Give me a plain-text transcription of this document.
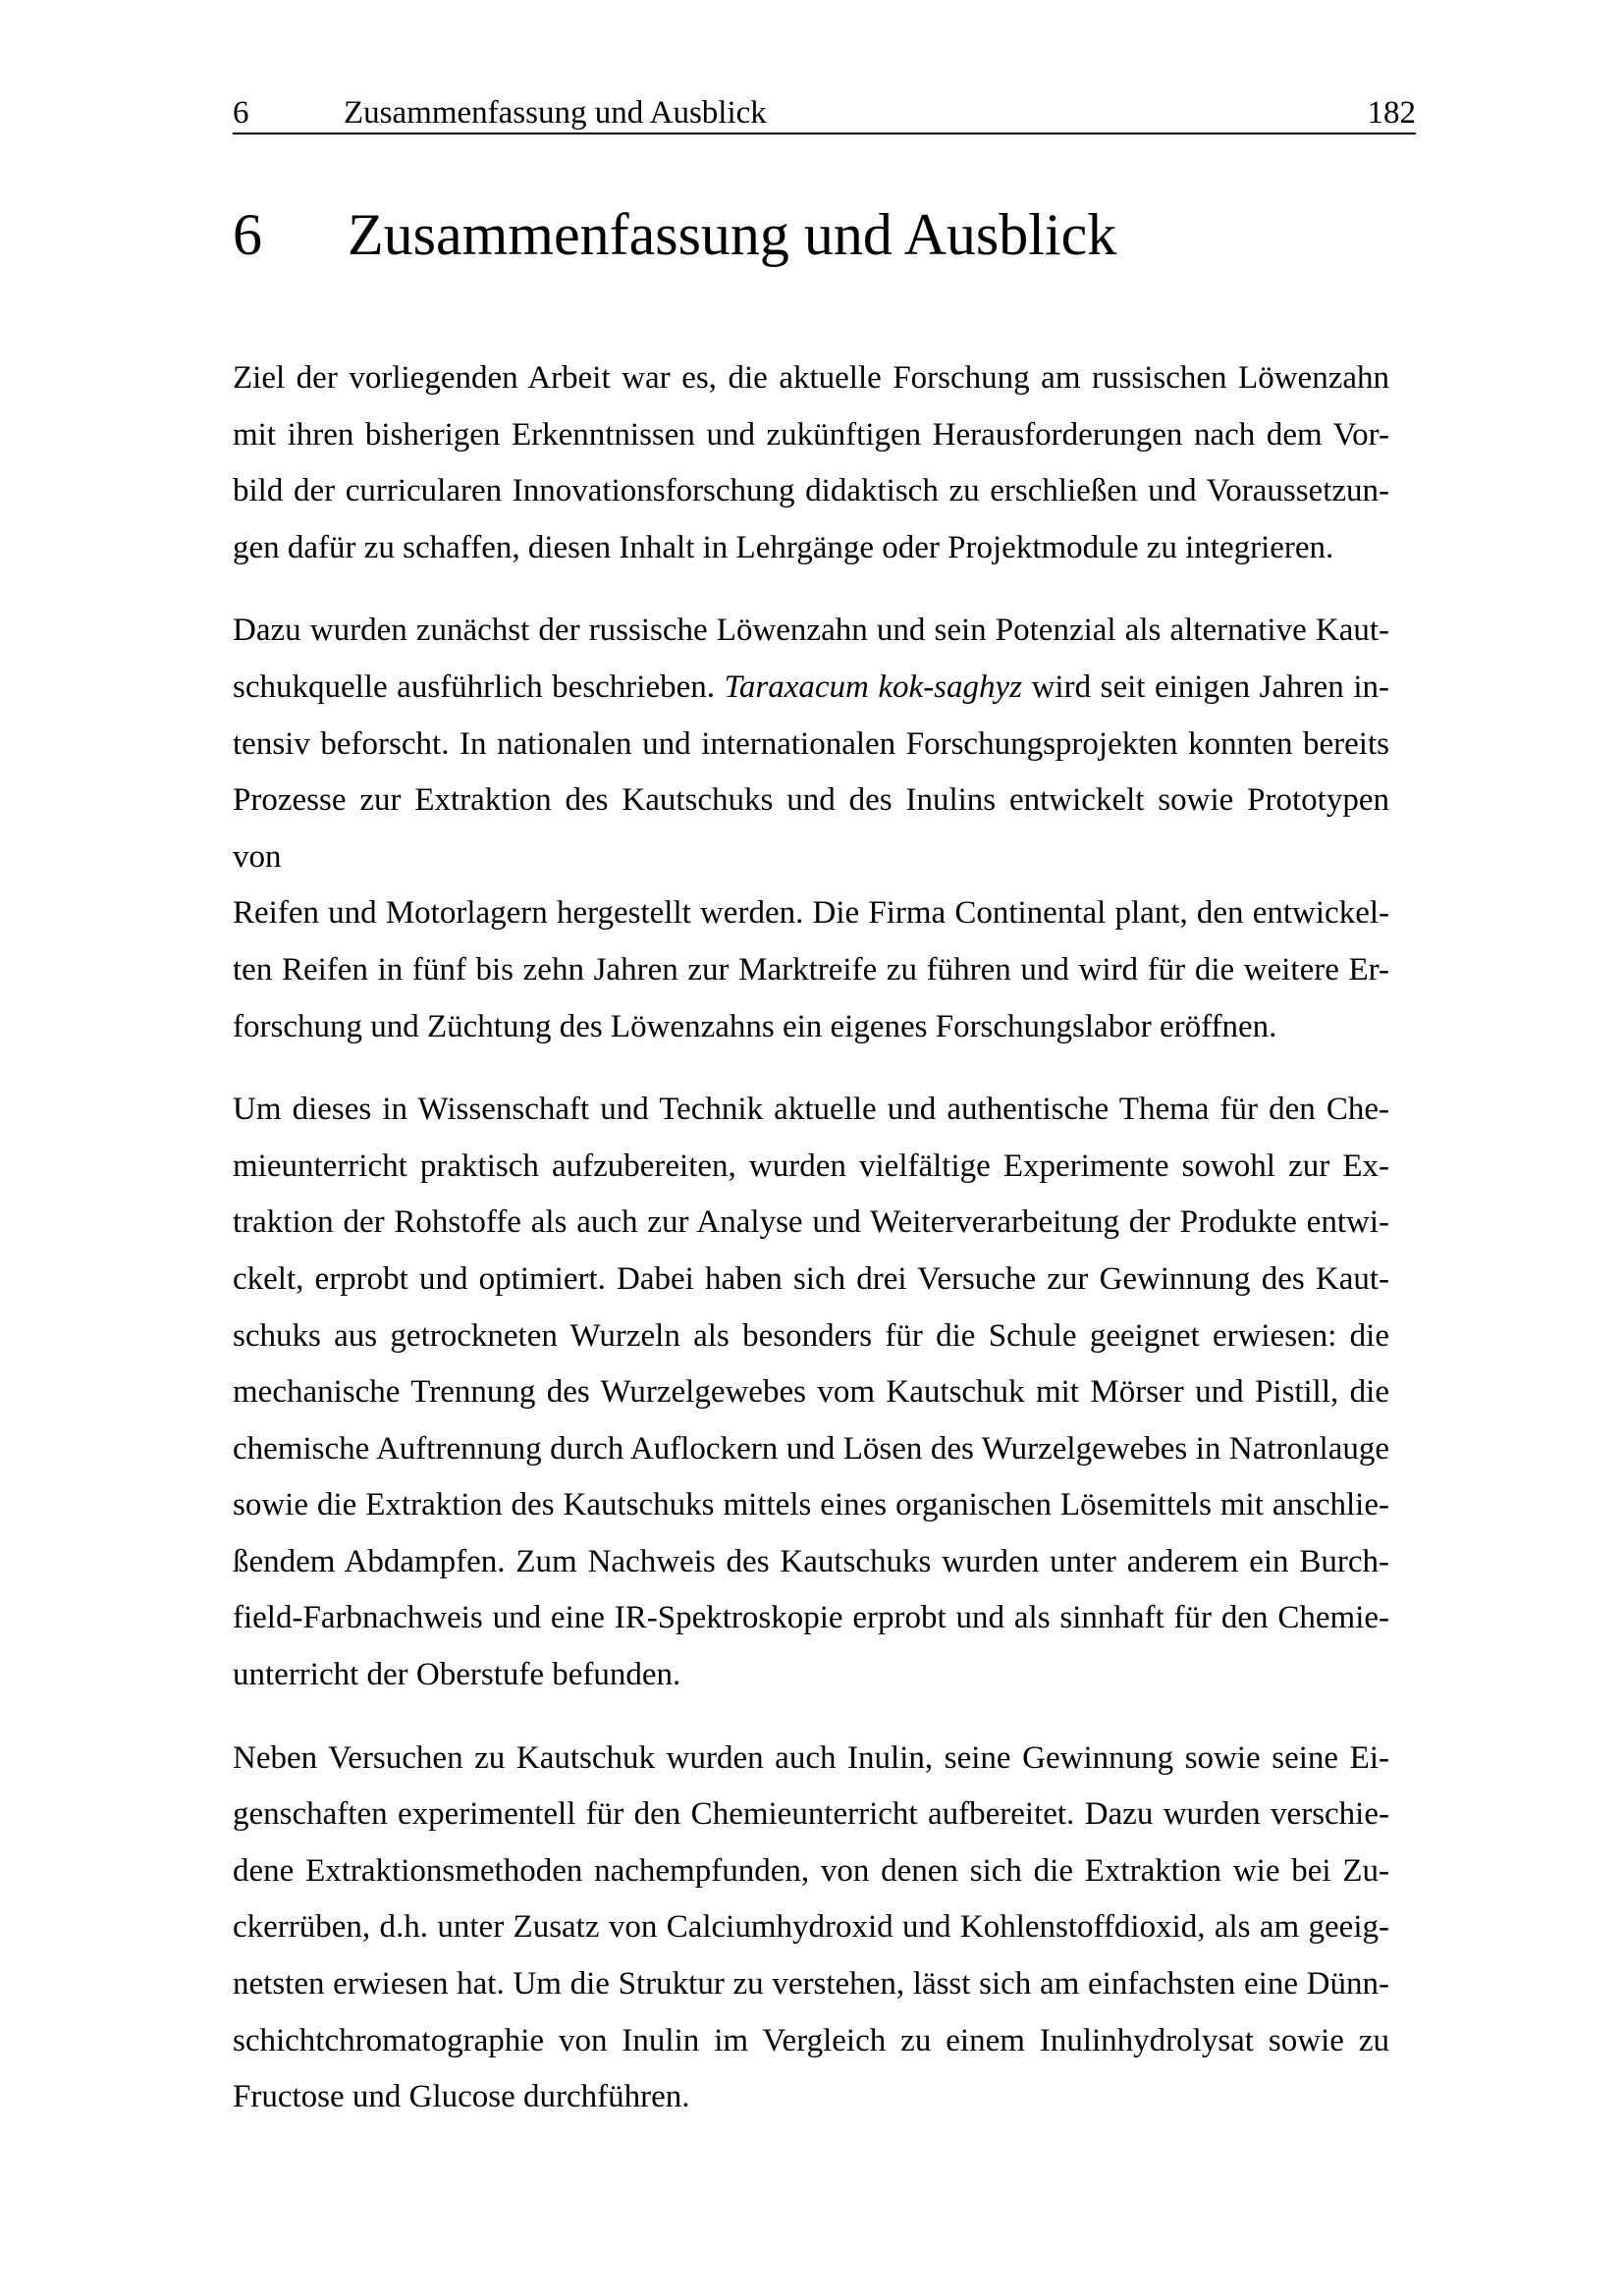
6	Zusammenfassung und Ausblick	182
6 Zusammenfassung und Ausblick
Ziel der vorliegenden Arbeit war es, die aktuelle Forschung am russischen Löwenzahn
mit ihren bisherigen Erkenntnissen und zukünftigen Herausforderungen nach dem Vor-
bild der curricularen Innovationsforschung didaktisch zu erschließen und Voraussetzun-
gen dafür zu schaffen, diesen Inhalt in Lehrgänge oder Projektmodule zu integrieren.
Dazu wurden zunächst der russische Löwenzahn und sein Potenzial als alternative Kaut-
schukquelle ausführlich beschrieben. Taraxacum kok-saghyz wird seit einigen Jahren in-
tensiv beforscht. In nationalen und internationalen Forschungsprojekten konnten bereits
Prozesse zur Extraktion des Kautschuks und des Inulins entwickelt sowie Prototypen von
Reifen und Motorlagern hergestellt werden. Die Firma Continental plant, den entwickel-
ten Reifen in fünf bis zehn Jahren zur Marktreife zu führen und wird für die weitere Er-
forschung und Züchtung des Löwenzahns ein eigenes Forschungslabor eröffnen.
Um dieses in Wissenschaft und Technik aktuelle und authentische Thema für den Che-
mieunterricht praktisch aufzubereiten, wurden vielfältige Experimente sowohl zur Ex-
traktion der Rohstoffe als auch zur Analyse und Weiterverarbeitung der Produkte entwi-
ckelt, erprobt und optimiert. Dabei haben sich drei Versuche zur Gewinnung des Kaut-
schuks aus getrockneten Wurzeln als besonders für die Schule geeignet erwiesen: die
mechanische Trennung des Wurzelgewebes vom Kautschuk mit Mörser und Pistill, die
chemische Auftrennung durch Auflockern und Lösen des Wurzelgewebes in Natronlauge
sowie die Extraktion des Kautschuks mittels eines organischen Lösemittels mit anschlie-
ßendem Abdampfen. Zum Nachweis des Kautschuks wurden unter anderem ein Burch-
field-Farbnachweis und eine IR-Spektroskopie erprobt und als sinnhaft für den Chemie-
unterricht der Oberstufe befunden.
Neben Versuchen zu Kautschuk wurden auch Inulin, seine Gewinnung sowie seine Ei-
genschaften experimentell für den Chemieunterricht aufbereitet. Dazu wurden verschie-
dene Extraktionsmethoden nachempfunden, von denen sich die Extraktion wie bei Zu-
ckerrüben, d.h. unter Zusatz von Calciumhydroxid und Kohlenstoffdioxid, als am geeig-
netsten erwiesen hat. Um die Struktur zu verstehen, lässt sich am einfachsten eine Dünn-
schichtchromatographie von Inulin im Vergleich zu einem Inulinhydrolysat sowie zu
Fructose und Glucose durchführen.
